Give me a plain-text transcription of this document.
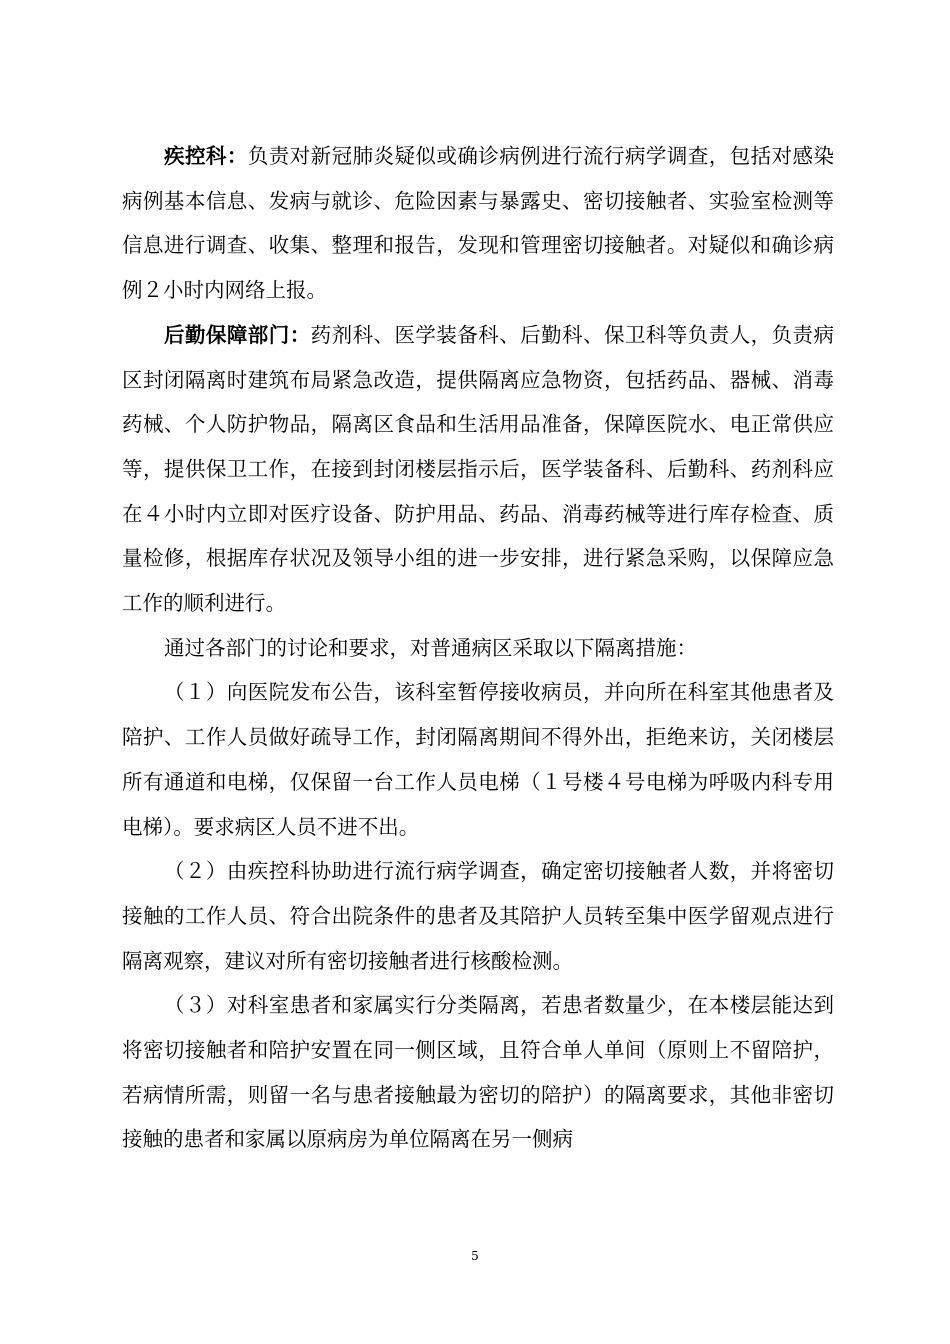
疾控科：负责对新冠肺炎疑似或确诊病例进行流行病学调查，包括对感染病例基本信息、发病与就诊、危险因素与暴露史、密切接触者、实验室检测等信息进行调查、收集、整理和报告，发现和管理密切接触者。对疑似和确诊病例２小时内网络上报。

后勤保障部门：药剂科、医学装备科、后勤科、保卫科等负责人，负责病区封闭隔离时建筑布局紧急改造，提供隔离应急物资，包括药品、器械、消毒药械、个人防护物品，隔离区食品和生活用品准备，保障医院水、电正常供应等，提供保卫工作，在接到封闭楼层指示后，医学装备科、后勤科、药剂科应在４小时内立即对医疗设备、防护用品、药品、消毒药械等进行库存检查、质量检修，根据库存状况及领导小组的进一步安排，进行紧急采购，以保障应急工作的顺利进行。

通过各部门的讨论和要求，对普通病区采取以下隔离措施：

（１）向医院发布公告，该科室暂停接收病员，并向所在科室其他患者及陪护、工作人员做好疏导工作，封闭隔离期间不得外出，拒绝来访，关闭楼层所有通道和电梯，仅保留一台工作人员电梯（１号楼４号电梯为呼吸内科专用电梯）。要求病区人员不进不出。

（２）由疾控科协助进行流行病学调查，确定密切接触者人数，并将密切接触的工作人员、符合出院条件的患者及其陪护人员转至集中医学留观点进行隔离观察，建议对所有密切接触者进行核酸检测。

（３）对科室患者和家属实行分类隔离，若患者数量少，在本楼层能达到将密切接触者和陪护安置在同一侧区域，且符合单人单间（原则上不留陪护，若病情所需，则留一名与患者接触最为密切的陪护）的隔离要求，其他非密切接触的患者和家属以原病房为单位隔离在另一侧病

5
